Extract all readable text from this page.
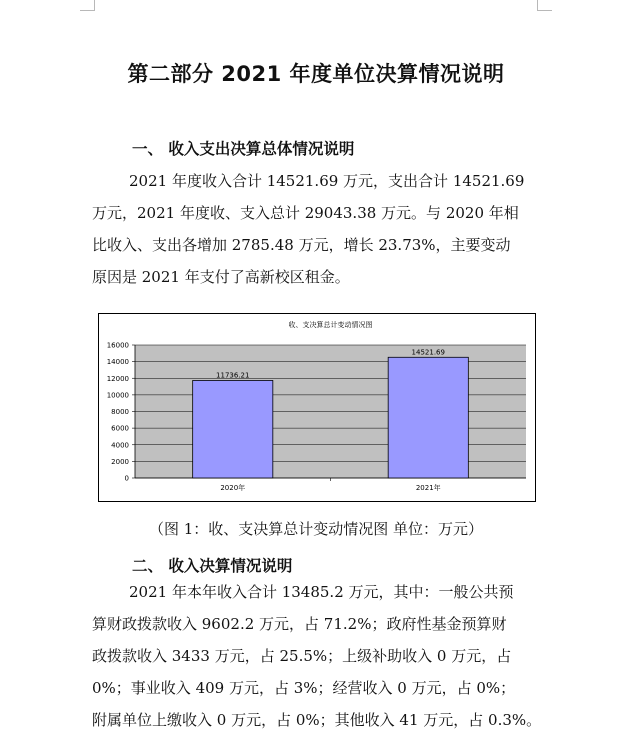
第二部分 2021 年度单位决算情况说明
一、 收入支出决算总体情况说明
2021 年度收入合计 14521.69 万元，支出合计 14521.69
万元，2021 年度收、支入总计 29043.38 万元。与 2020 年相
比收入、支出各增加 2785.48 万元，增长 23.73%，主要变动
原因是 2021 年支付了高新校区租金。
收、支决算总计变动情况图
0
2000
4000
6000
8000
10000
12000
14000
16000
11736.21
2020年
14521.69
2021年
（图 1：收、支决算总计变动情况图 单位：万元）
二、 收入决算情况说明
2021 年本年收入合计 13485.2 万元，其中：一般公共预
算财政拨款收入 9602.2 万元，占 71.2%；政府性基金预算财
政拨款收入 3433 万元，占 25.5%；上级补助收入 0 万元，占
0%；事业收入 409 万元，占 3%；经营收入 0 万元，占 0%；
附属单位上缴收入 0 万元，占 0%；其他收入 41 万元，占 0.3%。
